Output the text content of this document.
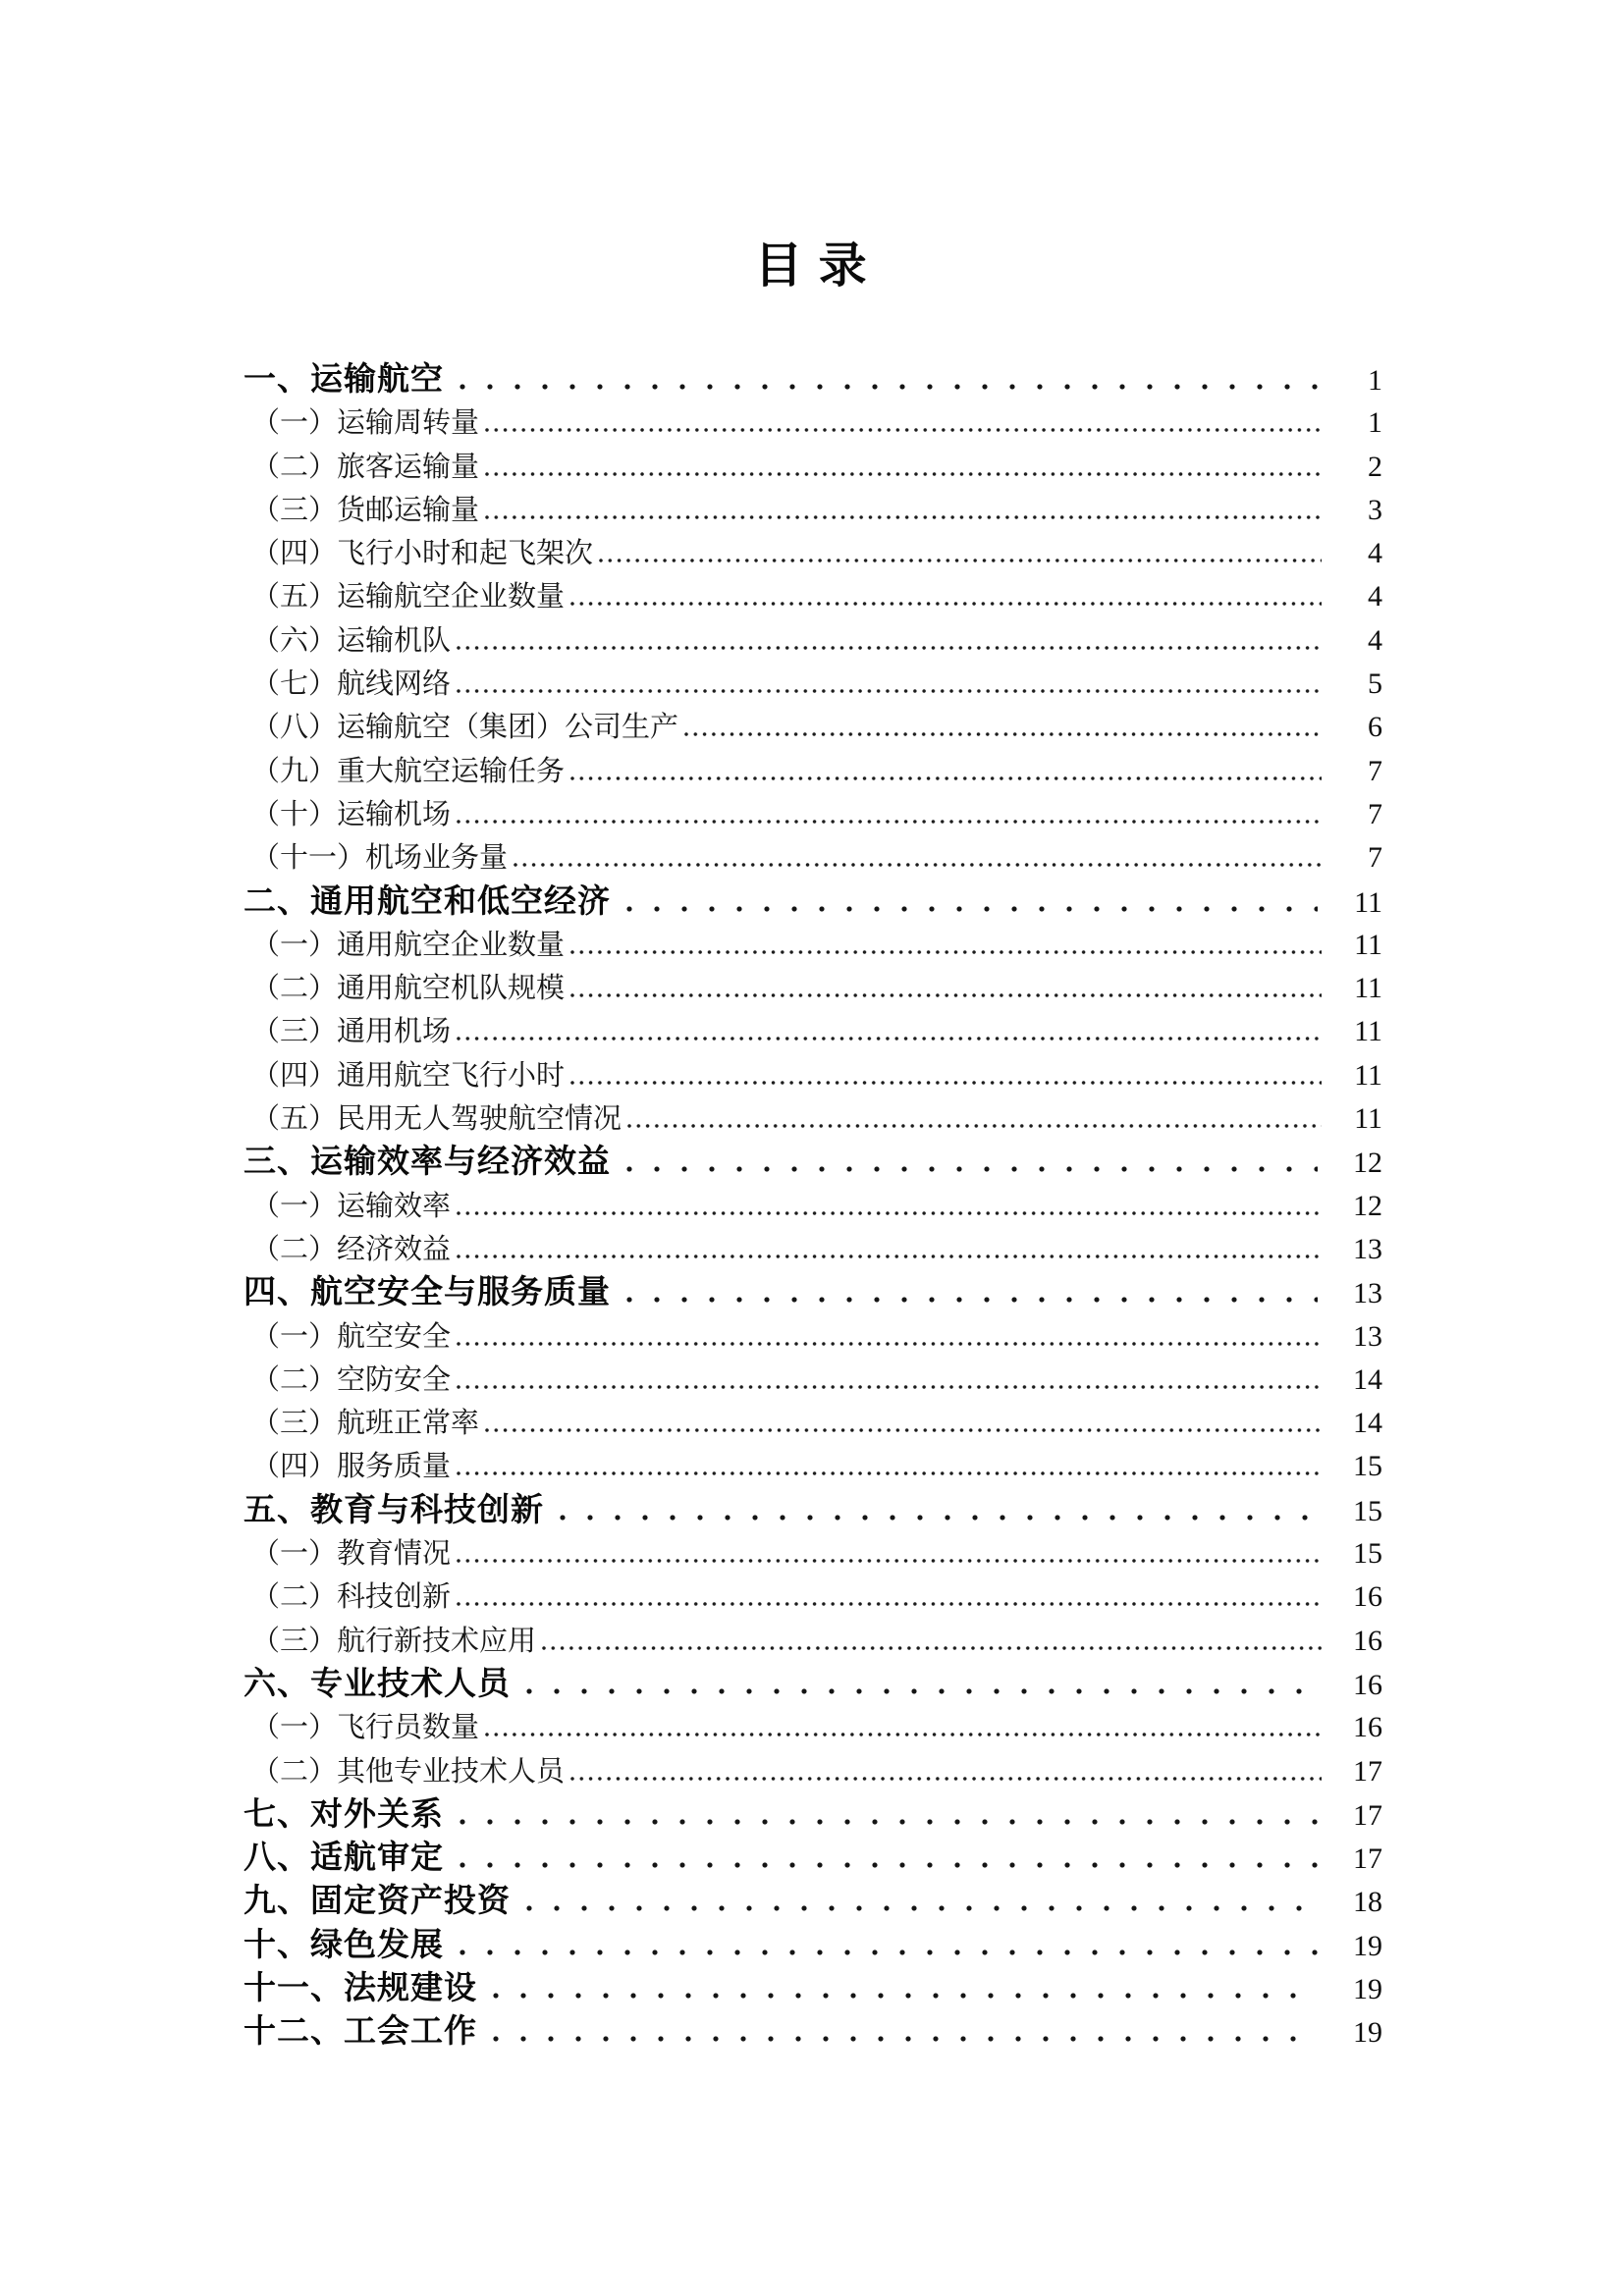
目 录
一、运输航空	1
（一）运输周转量	1
（二）旅客运输量	2
（三）货邮运输量	3
（四）飞行小时和起飞架次	4
（五）运输航空企业数量	4
（六）运输机队	4
（七）航线网络	5
（八）运输航空（集团）公司生产	6
（九）重大航空运输任务	7
（十）运输机场	7
（十一）机场业务量	7
二、通用航空和低空经济	11
（一）通用航空企业数量	11
（二）通用航空机队规模	11
（三）通用机场	11
（四）通用航空飞行小时	11
（五）民用无人驾驶航空情况	11
三、运输效率与经济效益	12
（一）运输效率	12
（二）经济效益	13
四、航空安全与服务质量	13
（一）航空安全	13
（二）空防安全	14
（三）航班正常率	14
（四）服务质量	15
五、教育与科技创新	15
（一）教育情况	15
（二）科技创新	16
（三）航行新技术应用	16
六、专业技术人员	16
（一）飞行员数量	16
（二）其他专业技术人员	17
七、对外关系	17
八、适航审定	17
九、固定资产投资	18
十、绿色发展	19
十一、法规建设	19
十二、工会工作	19
